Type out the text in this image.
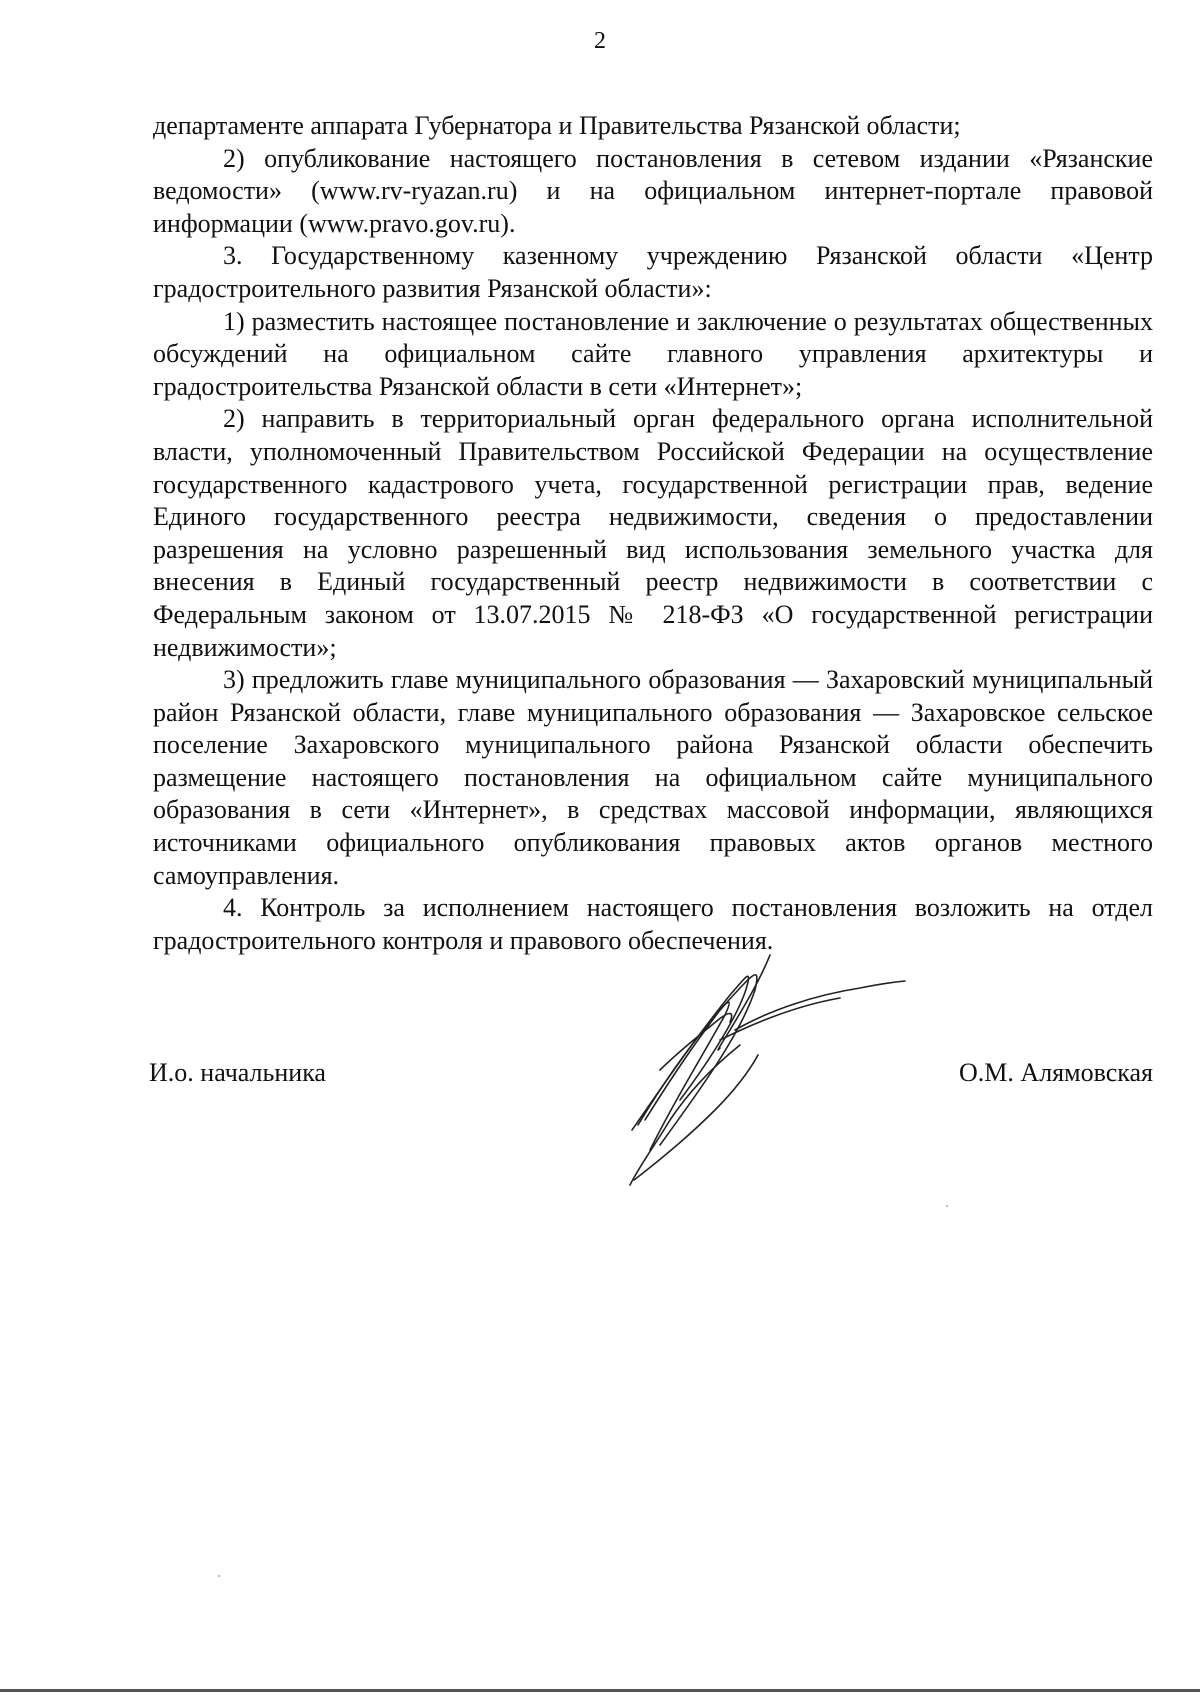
2

департаменте аппарата Губернатора и Правительства Рязанской области;

2) опубликование настоящего постановления в сетевом издании «Рязанские ведомости» (www.rv-ryazan.ru) и на официальном интернет-портале правовой информации (www.pravo.gov.ru).

3. Государственному казенному учреждению Рязанской области «Центр градостроительного развития Рязанской области»:

1) разместить настоящее постановление и заключение о результатах общественных обсуждений на официальном сайте главного управления архитектуры и градостроительства Рязанской области в сети «Интернет»;

2) направить в территориальный орган федерального органа исполнительной власти, уполномоченный Правительством Российской Федерации на осуществление государственного кадастрового учета, государственной регистрации прав, ведение Единого государственного реестра недвижимости, сведения о предоставлении разрешения на условно разрешенный вид использования земельного участка для внесения в Единый государственный реестр недвижимости в соответствии с Федеральным законом от 13.07.2015 № 218-ФЗ «О государственной регистрации недвижимости»;

3) предложить главе муниципального образования — Захаровский муниципальный район Рязанской области, главе муниципального образования — Захаровское сельское поселение Захаровского муниципального района Рязанской области обеспечить размещение настоящего постановления на официальном сайте муниципального образования в сети «Интернет», в средствах массовой информации, являющихся источниками официального опубликования правовых актов органов местного самоуправления.

4. Контроль за исполнением настоящего постановления возложить на отдел градостроительного контроля и правового обеспечения.

И.о. начальника	О.М. Алямовская
